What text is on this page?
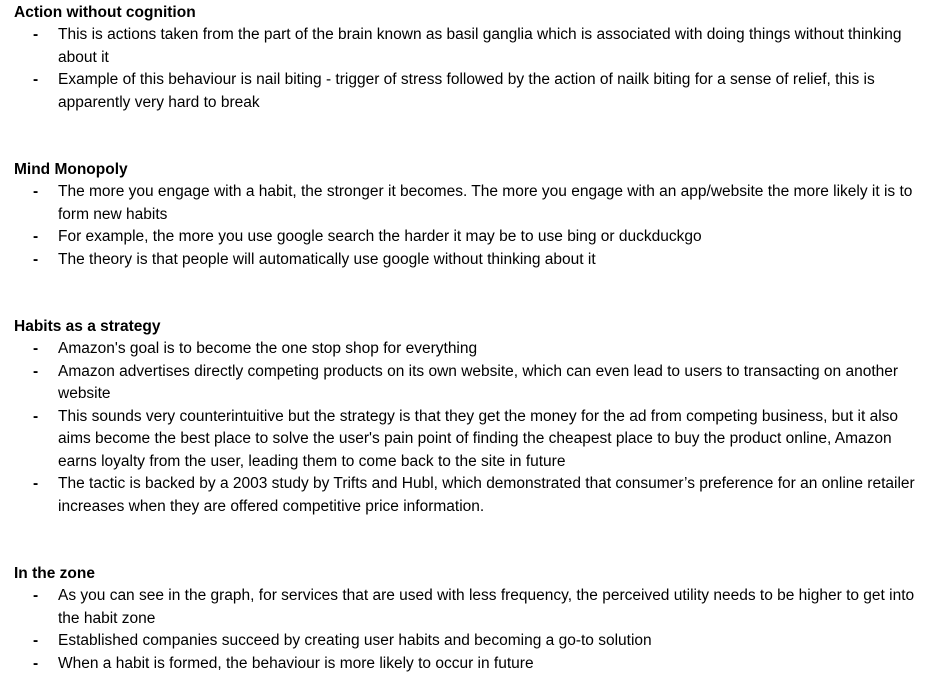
Action without cognition

- This is actions taken from the part of the brain known as basil ganglia which is associated with doing things without thinking about it
- Example of this behaviour is nail biting - trigger of stress followed by the action of nailk biting for a sense of relief, this is apparently very hard to break

Mind Monopoly

- The more you engage with a habit, the stronger it becomes. The more you engage with an app/website the more likely it is to form new habits
- For example, the more you use google search the harder it may be to use bing or duckduckgo
- The theory is that people will automatically use google without thinking about it

Habits as a strategy

- Amazon's goal is to become the one stop shop for everything
- Amazon advertises directly competing products on its own website, which can even lead to users to transacting on another website
- This sounds very counterintuitive but the strategy is that they get the money for the ad from competing business, but it also aims become the best place to solve the user's pain point of finding the cheapest place to buy the product online, Amazon earns loyalty from the user, leading them to come back to the site in future
- The tactic is backed by a 2003 study by Trifts and Hubl, which demonstrated that consumer’s preference for an online retailer increases when they are offered competitive price information.

In the zone

- As you can see in the graph, for services that are used with less frequency, the perceived utility needs to be higher to get into the habit zone
- Established companies succeed by creating user habits and becoming a go-to solution
- When a habit is formed, the behaviour is more likely to occur in future
